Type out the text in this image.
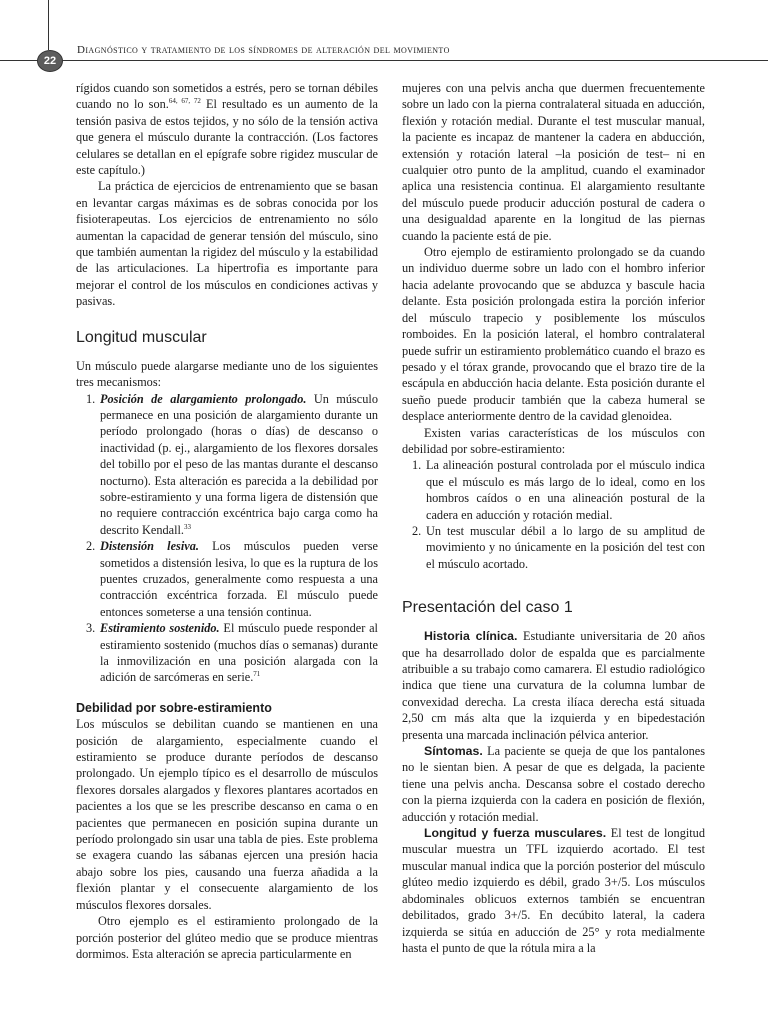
22
Diagnóstico y tratamiento de los síndromes de alteración del movimiento

rígidos cuando son sometidos a estrés, pero se tornan débiles cuando no lo son.$^{64, 67, 72}$ El resultado es un aumento de la tensión pasiva de estos tejidos, y no sólo de la tensión activa que genera el músculo durante la contracción. (Los factores celulares se detallan en el epígrafe sobre rigidez muscular de este capítulo.)

La práctica de ejercicios de entrenamiento que se basan en levantar cargas máximas es de sobras conocida por los fisioterapeutas. Los ejercicios de entrenamiento no sólo aumentan la capacidad de generar tensión del músculo, sino que también aumentan la rigidez del músculo y la estabilidad de las articulaciones. La hipertrofia es importante para mejorar el control de los músculos en condiciones activas y pasivas.

Longitud muscular

Un músculo puede alargarse mediante uno de los siguientes tres mecanismos:

1. Posición de alargamiento prolongado. Un músculo permanece en una posición de alargamiento durante un período prolongado (horas o días) de descanso o inactividad (p. ej., alargamiento de los flexores dorsales del tobillo por el peso de las mantas durante el descanso nocturno). Esta alteración es parecida a la debilidad por sobre-estiramiento y una forma ligera de distensión que no requiere contracción excéntrica bajo carga como ha descrito Kendall.$^{33}$
2. Distensión lesiva. Los músculos pueden verse sometidos a distensión lesiva, lo que es la ruptura de los puentes cruzados, generalmente como respuesta a una contracción excéntrica forzada. El músculo puede entonces someterse a una tensión continua.
3. Estiramiento sostenido. El músculo puede responder al estiramiento sostenido (muchos días o semanas) durante la inmovilización en una posición alargada con la adición de sarcómeras en serie.$^{71}$
Debilidad por sobre-estiramiento

Los músculos se debilitan cuando se mantienen en una posición de alargamiento, especialmente cuando el estiramiento se produce durante períodos de descanso prolongado. Un ejemplo típico es el desarrollo de músculos flexores dorsales alargados y flexores plantares acortados en pacientes a los que se les prescribe descanso en cama o en pacientes que permanecen en posición supina durante un período prolongado sin usar una tabla de pies. Este problema se exagera cuando las sábanas ejercen una presión hacia abajo sobre los pies, causando una fuerza añadida a la flexión plantar y el consecuente alargamiento de los músculos flexores dorsales.

Otro ejemplo es el estiramiento prolongado de la porción posterior del glúteo medio que se produce mientras dormimos. Esta alteración se aprecia particularmente en

mujeres con una pelvis ancha que duermen frecuentemente sobre un lado con la pierna contralateral situada en aducción, flexión y rotación medial. Durante el test muscular manual, la paciente es incapaz de mantener la cadera en abducción, extensión y rotación lateral –la posición de test– ni en cualquier otro punto de la amplitud, cuando el examinador aplica una resistencia continua. El alargamiento resultante del músculo puede producir aducción postural de cadera o una desigualdad aparente en la longitud de las piernas cuando la paciente está de pie.

Otro ejemplo de estiramiento prolongado se da cuando un individuo duerme sobre un lado con el hombro inferior hacia adelante provocando que se abduzca y bascule hacia delante. Esta posición prolongada estira la porción inferior del músculo trapecio y posiblemente los músculos romboides. En la posición lateral, el hombro contralateral puede sufrir un estiramiento problemático cuando el brazo es pesado y el tórax grande, provocando que el brazo tire de la escápula en abducción hacia delante. Esta posición durante el sueño puede producir también que la cabeza humeral se desplace anteriormente dentro de la cavidad glenoidea.

Existen varias características de los músculos con debilidad por sobre-estiramiento:

1. La alineación postural controlada por el músculo indica que el músculo es más largo de lo ideal, como en los hombros caídos o en una alineación postural de la cadera en aducción y rotación medial.
2. Un test muscular débil a lo largo de su amplitud de movimiento y no únicamente en la posición del test con el músculo acortado.
Presentación del caso 1

Historia clínica. Estudiante universitaria de 20 años que ha desarrollado dolor de espalda que es parcialmente atribuible a su trabajo como camarera. El estudio radiológico indica que tiene una curvatura de la columna lumbar de convexidad derecha. La cresta ilíaca derecha está situada 2,50 cm más alta que la izquierda y en bipedestación presenta una marcada inclinación pélvica anterior.

Síntomas. La paciente se queja de que los pantalones no le sientan bien. A pesar de que es delgada, la paciente tiene una pelvis ancha. Descansa sobre el costado derecho con la pierna izquierda con la cadera en posición de flexión, aducción y rotación medial.

Longitud y fuerza musculares. El test de longitud muscular muestra un TFL izquierdo acortado. El test muscular manual indica que la porción posterior del músculo glúteo medio izquierdo es débil, grado 3+/5. Los músculos abdominales oblicuos externos también se encuentran debilitados, grado 3+/5. En decúbito lateral, la cadera izquierda se sitúa en aducción de 25° y rota medialmente hasta el punto de que la rótula mira a la
